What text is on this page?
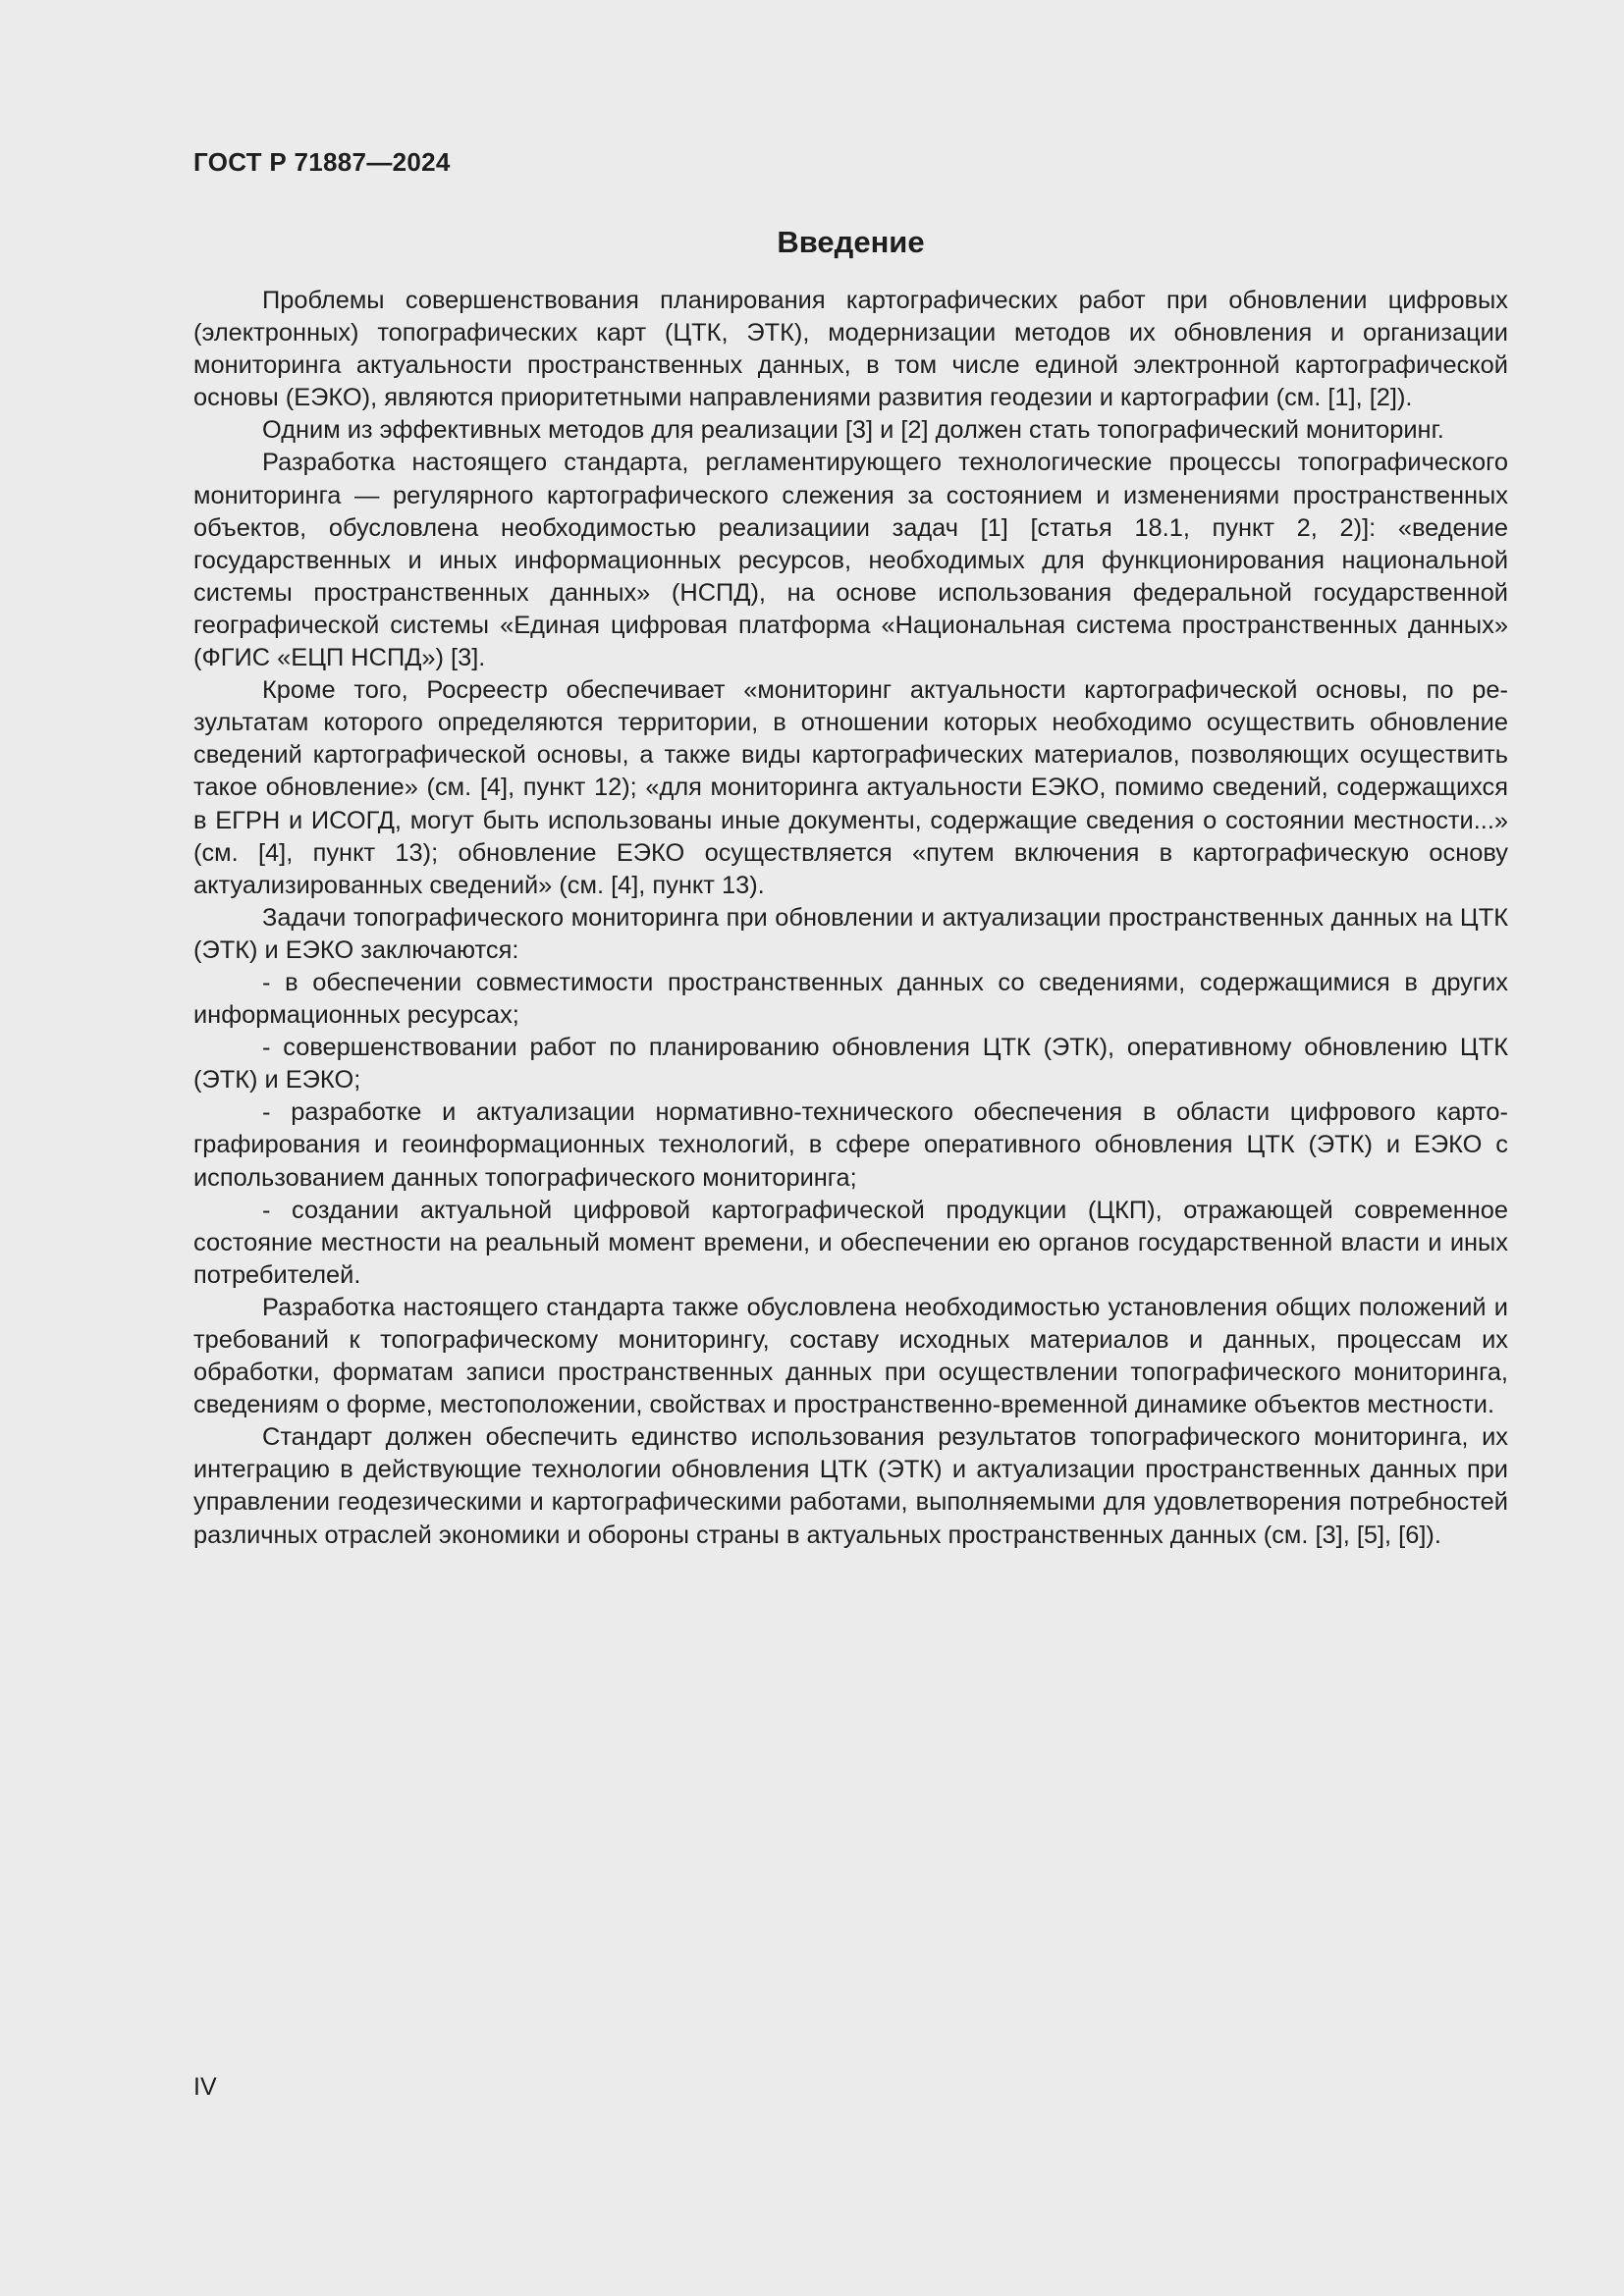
ГОСТ Р 71887—2024
Введение

Проблемы совершенствования планирования картографических работ при обновлении цифровых (электронных) топографических карт (ЦТК, ЭТК), модернизации методов их обновления и организации мониторинга актуальности пространственных данных, в том числе единой электронной картографической основы (ЕЭКО), являются приоритетными направлениями развития геодезии и картографии (см. [1], [2]).

Одним из эффективных методов для реализации [3] и [2] должен стать топографический мониторинг.

Разработка настоящего стандарта, регламентирующего технологические процессы топографического мониторинга — регулярного картографического слежения за состоянием и изменениями пространственных объектов, обусловлена необходимостью реализациии задач [1] [статья 18.1, пункт 2, 2)]: «ведение государственных и иных информационных ресурсов, необходимых для функционирования национальной системы пространственных данных» (НСПД), на основе использования федеральной государственной географической системы «Единая цифровая платформа «Национальная система пространственных данных» (ФГИС «ЕЦП НСПД») [3].

Кроме того, Росреестр обеспечивает «мониторинг актуальности картографической основы, по результатам которого определяются территории, в отношении которых необходимо осуществить обновление сведений картографической основы, а также виды картографических материалов, позволяющих осуществить такое обновление» (см. [4], пункт 12); «для мониторинга актуальности ЕЭКО, помимо сведений, содержащихся в ЕГРН и ИСОГД, могут быть использованы иные документы, содержащие сведения о состоянии местности...» (см. [4], пункт 13); обновление ЕЭКО осуществляется «путем включения в картографическую основу актуализированных сведений» (см. [4], пункт 13).

Задачи топографического мониторинга при обновлении и актуализации пространственных данных на ЦТК (ЭТК) и ЕЭКО заключаются:

- в обеспечении совместимости пространственных данных со сведениями, содержащимися в других информационных ресурсах;

- совершенствовании работ по планированию обновления ЦТК (ЭТК), оперативному обновлению ЦТК (ЭТК) и ЕЭКО;

- разработке и актуализации нормативно-технического обеспечения в области цифрового картографирования и геоинформационных технологий, в сфере оперативного обновления ЦТК (ЭТК) и ЕЭКО с использованием данных топографического мониторинга;

- создании актуальной цифровой картографической продукции (ЦКП), отражающей современное состояние местности на реальный момент времени, и обеспечении ею органов государственной власти и иных потребителей.

Разработка настоящего стандарта также обусловлена необходимостью установления общих положений и требований к топографическому мониторингу, составу исходных материалов и данных, процессам их обработки, форматам записи пространственных данных при осуществлении топографического мониторинга, сведениям о форме, местоположении, свойствах и пространственно-временной динамике объектов местности.

Стандарт должен обеспечить единство использования результатов топографического мониторинга, их интеграцию в действующие технологии обновления ЦТК (ЭТК) и актуализации пространственных данных при управлении геодезическими и картографическими работами, выполняемыми для удовлетворения потребностей различных отраслей экономики и обороны страны в актуальных пространственных данных (см. [3], [5], [6]).

IV
